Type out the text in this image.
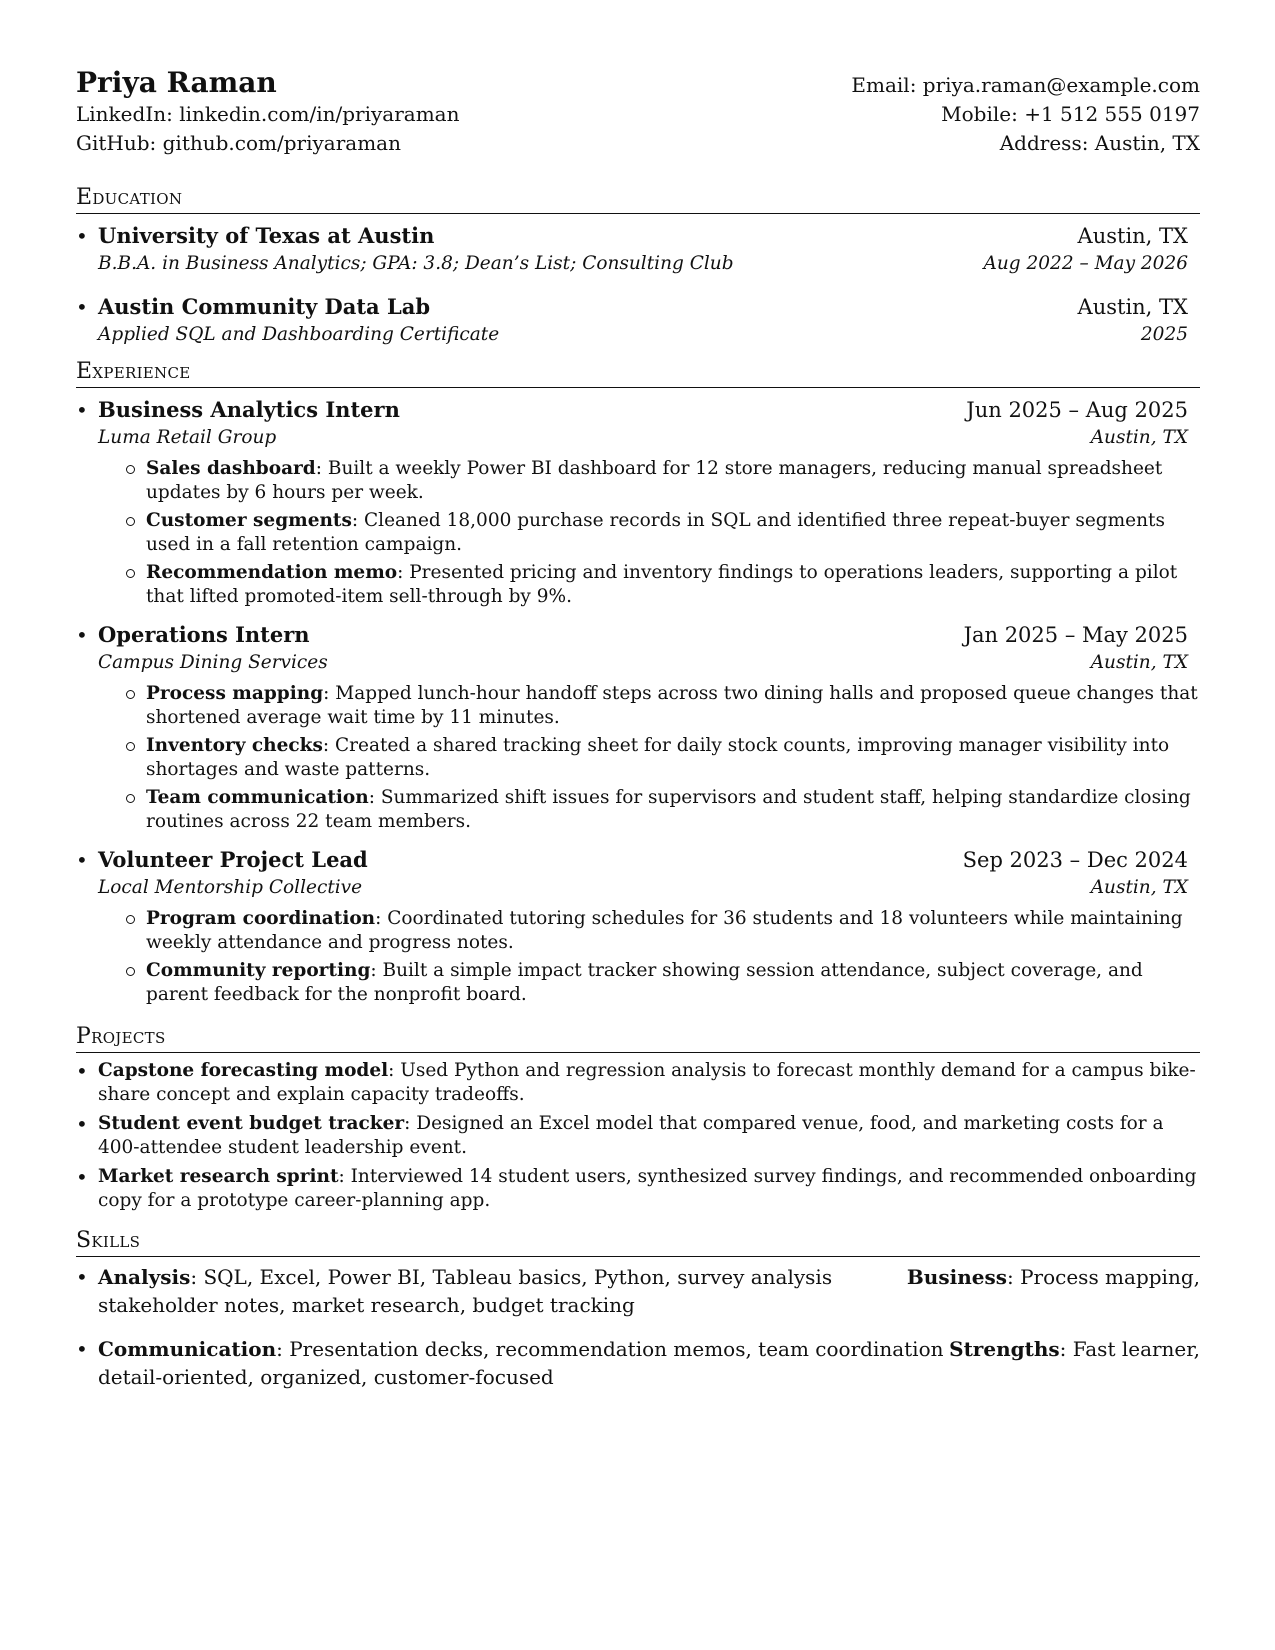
Priya Raman	Email: priya.raman@example.com
LinkedIn: linkedin.com/in/priyaraman	Mobile: +1 512 555 0197
GitHub: github.com/priyaraman	Address: Austin, TX
Education
• University of Texas at Austin	Austin, TX
B.B.A. in Business Analytics; GPA: 3.8; Dean’s List; Consulting Club	Aug 2022 – May 2026
• Austin Community Data Lab	Austin, TX
Applied SQL and Dashboarding Certificate	2025
Experience
• Business Analytics Intern	Jun 2025 – Aug 2025
Luma Retail Group	Austin, TX
Sales dashboard: Built a weekly Power BI dashboard for 12 store managers, reducing manual spreadsheet updates by 6 hours per week.
Customer segments: Cleaned 18,000 purchase records in SQL and identified three repeat-buyer segments used in a fall retention campaign.
Recommendation memo: Presented pricing and inventory findings to operations leaders, supporting a pilot that lifted promoted-item sell-through by 9%.
• Operations Intern	Jan 2025 – May 2025
Campus Dining Services	Austin, TX
Process mapping: Mapped lunch-hour handoff steps across two dining halls and proposed queue changes that shortened average wait time by 11 minutes.
Inventory checks: Created a shared tracking sheet for daily stock counts, improving manager visibility into shortages and waste patterns.
Team communication: Summarized shift issues for supervisors and student staff, helping standardize closing routines across 22 team members.
• Volunteer Project Lead	Sep 2023 – Dec 2024
Local Mentorship Collective	Austin, TX
Program coordination: Coordinated tutoring schedules for 36 students and 18 volunteers while maintaining weekly attendance and progress notes.
Community reporting: Built a simple impact tracker showing session attendance, subject coverage, and parent feedback for the nonprofit board.
Projects
• Capstone forecasting model: Used Python and regression analysis to forecast monthly demand for a campus bike-share concept and explain capacity tradeoffs.
• Student event budget tracker: Designed an Excel model that compared venue, food, and marketing costs for a 400-attendee student leadership event.
• Market research sprint: Interviewed 14 student users, synthesized survey findings, and recommended onboarding copy for a prototype career-planning app.
Skills
• Analysis: SQL, Excel, Power BI, Tableau basics, Python, survey analysis	Business: Process mapping,
stakeholder notes, market research, budget tracking
• Communication: Presentation decks, recommendation memos, team coordination Strengths: Fast learner,
detail-oriented, organized, customer-focused
